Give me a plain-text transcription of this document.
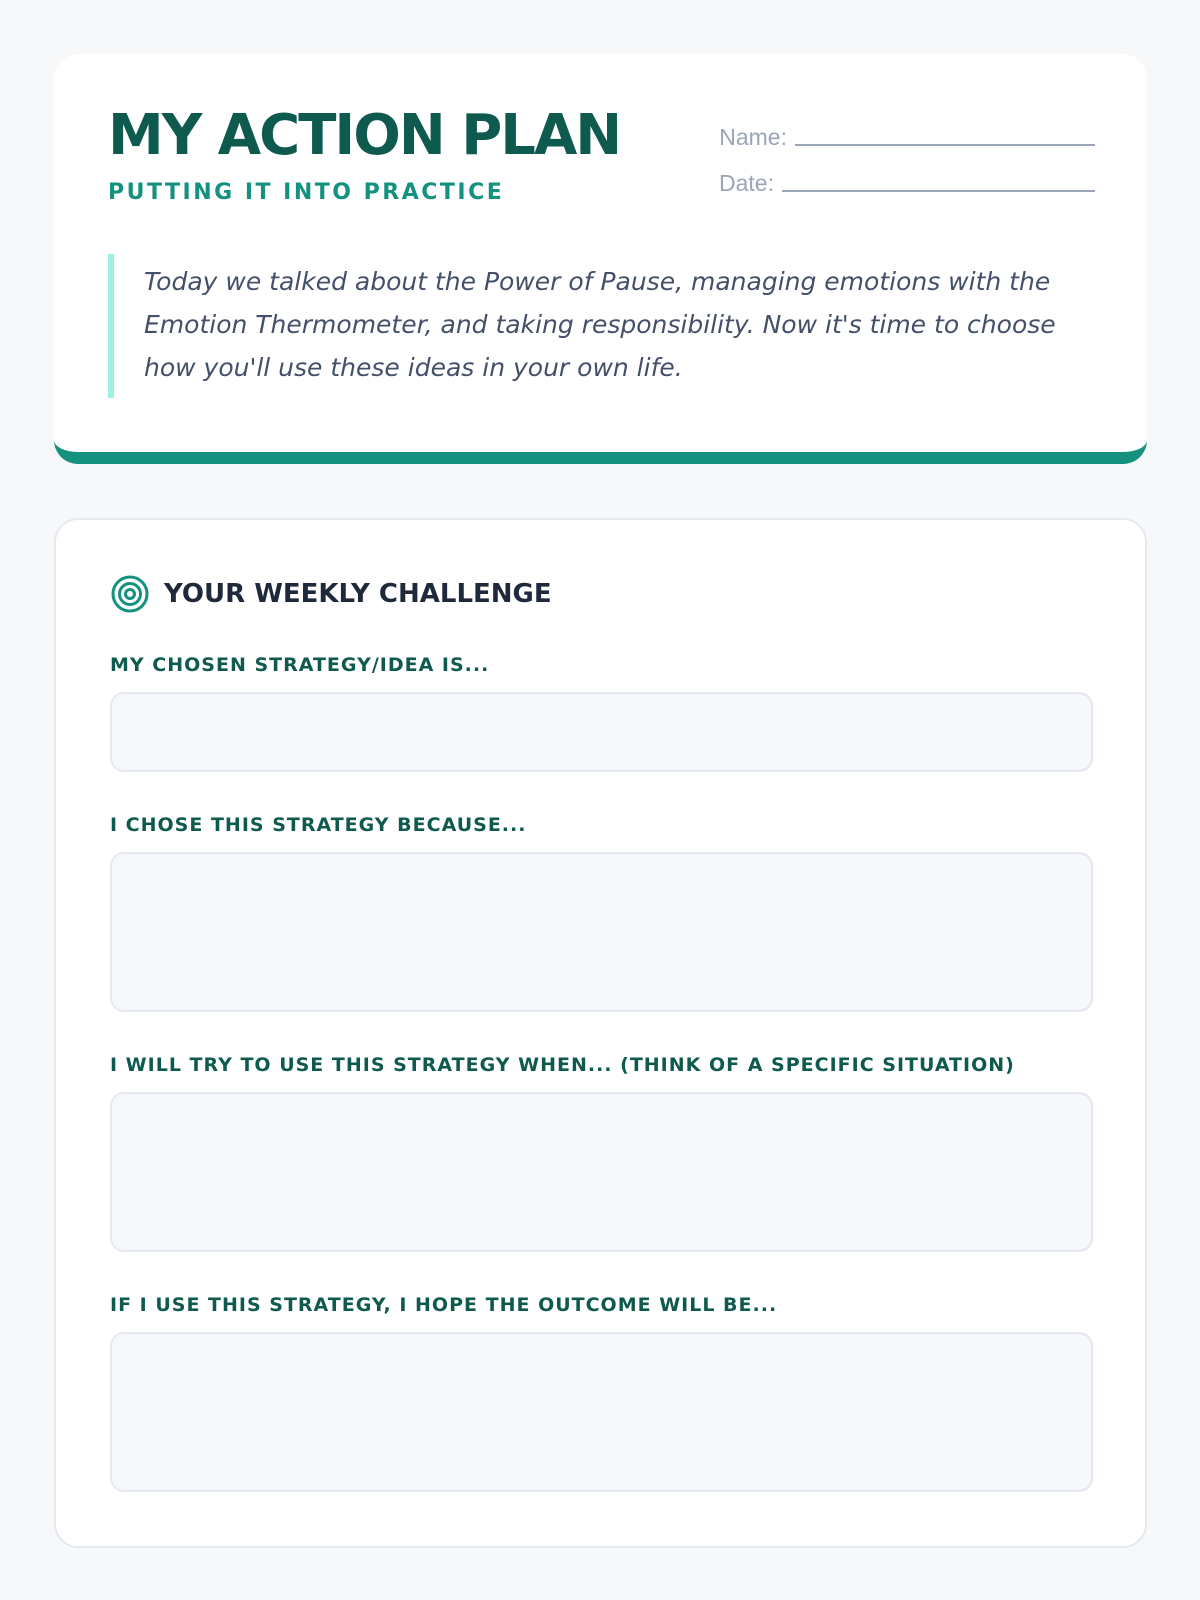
MY ACTION PLAN
PUTTING IT INTO PRACTICE
Name:
Date:

Today we talked about the Power of Pause, managing emotions with the Emotion Thermometer, and taking responsibility. Now it's time to choose how you'll use these ideas in your own life.

YOUR WEEKLY CHALLENGE
MY CHOSEN STRATEGY/IDEA IS...
I CHOSE THIS STRATEGY BECAUSE...
I WILL TRY TO USE THIS STRATEGY WHEN... (THINK OF A SPECIFIC SITUATION)
IF I USE THIS STRATEGY, I HOPE THE OUTCOME WILL BE...
